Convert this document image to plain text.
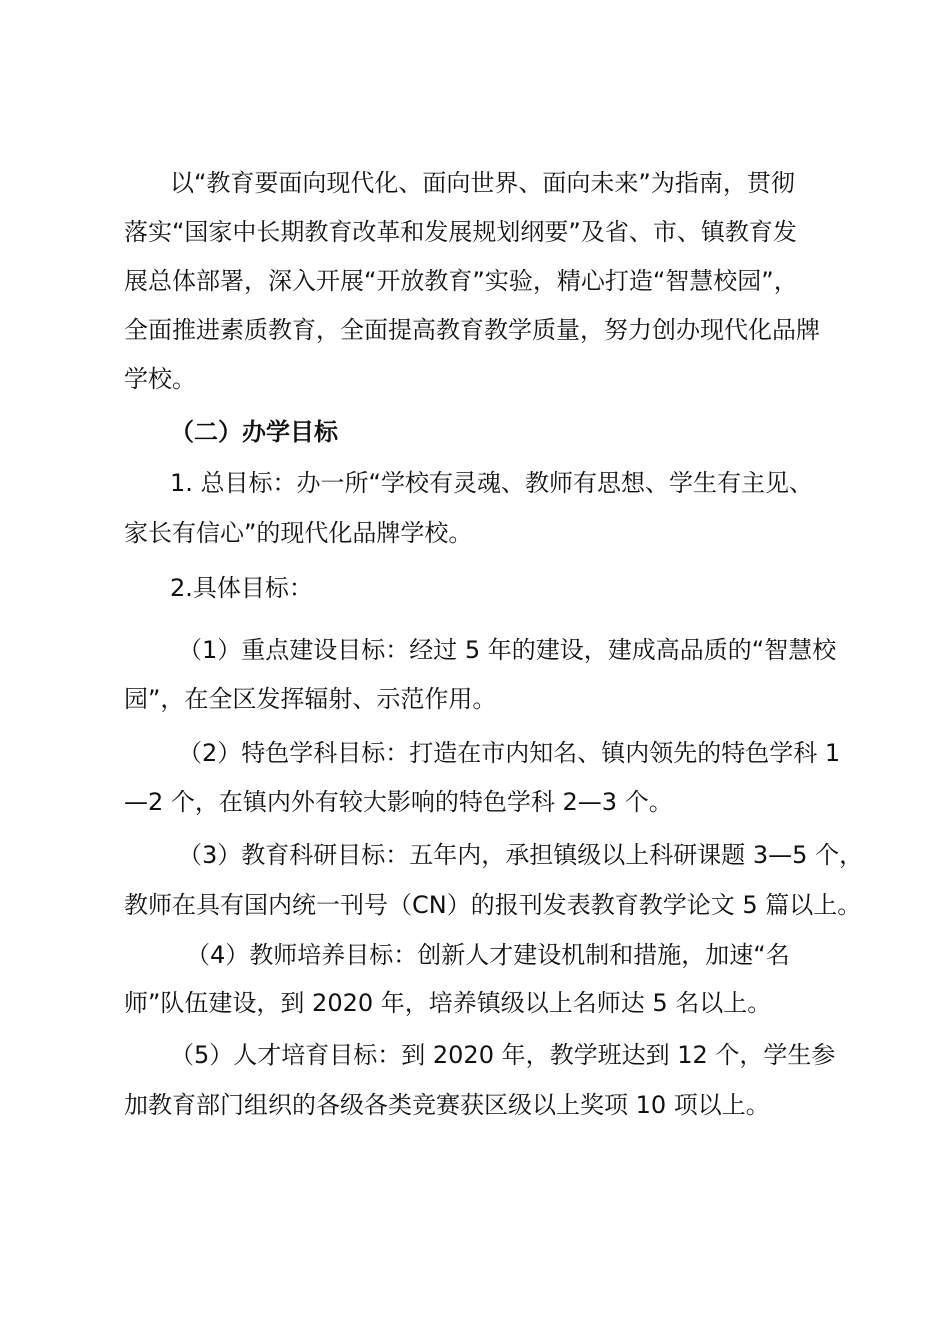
以“教育要面向现代化、面向世界、面向未来”为指南，贯彻
落实“国家中长期教育改革和发展规划纲要”及省、市、镇教育发
展总体部署，深入开展“开放教育”实验，精心打造“智慧校园”，
全面推进素质教育，全面提高教育教学质量，努力创办现代化品牌
学校。
（二）办学目标
1. 总目标：办一所“学校有灵魂、教师有思想、学生有主见、
家长有信心”的现代化品牌学校。
2.具体目标：
（1）重点建设目标：经过 5 年的建设，建成高品质的“智慧校
园”，在全区发挥辐射、示范作用。
（2）特色学科目标：打造在市内知名、镇内领先的特色学科 1
—2 个，在镇内外有较大影响的特色学科 2—3 个。
（3）教育科研目标：五年内，承担镇级以上科研课题 3—5 个，
教师在具有国内统一刊号（CN）的报刊发表教育教学论文 5 篇以上。
（4）教师培养目标：创新人才建设机制和措施，加速“名
师”队伍建设，到 2020 年，培养镇级以上名师达 5 名以上。
（5）人才培育目标：到 2020 年，教学班达到 12 个，学生参
加教育部门组织的各级各类竞赛获区级以上奖项 10 项以上。
